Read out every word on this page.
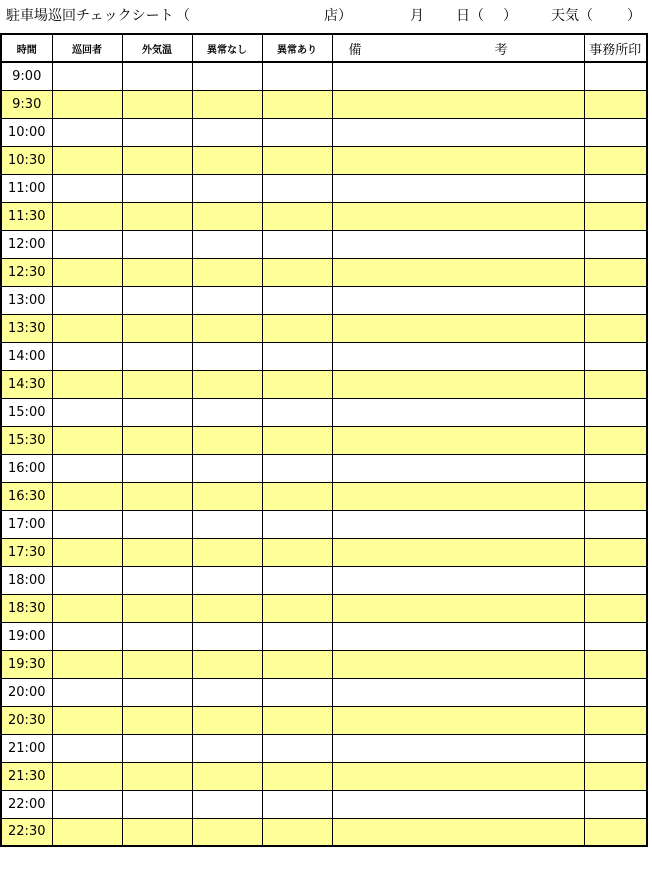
駐車場巡回チェックシート （	店）	月 日（ ） 天気（ ）
時間	巡回者	外気温	異常なし	異常あり	備　考	事務所印
9:00						
9:30						
10:00						
10:30						
11:00						
11:30						
12:00						
12:30						
13:00						
13:30						
14:00						
14:30						
15:00						
15:30						
16:00						
16:30						
17:00						
17:30						
18:00						
18:30						
19:00						
19:30						
20:00						
20:30						
21:00						
21:30						
22:00						
22:30						
